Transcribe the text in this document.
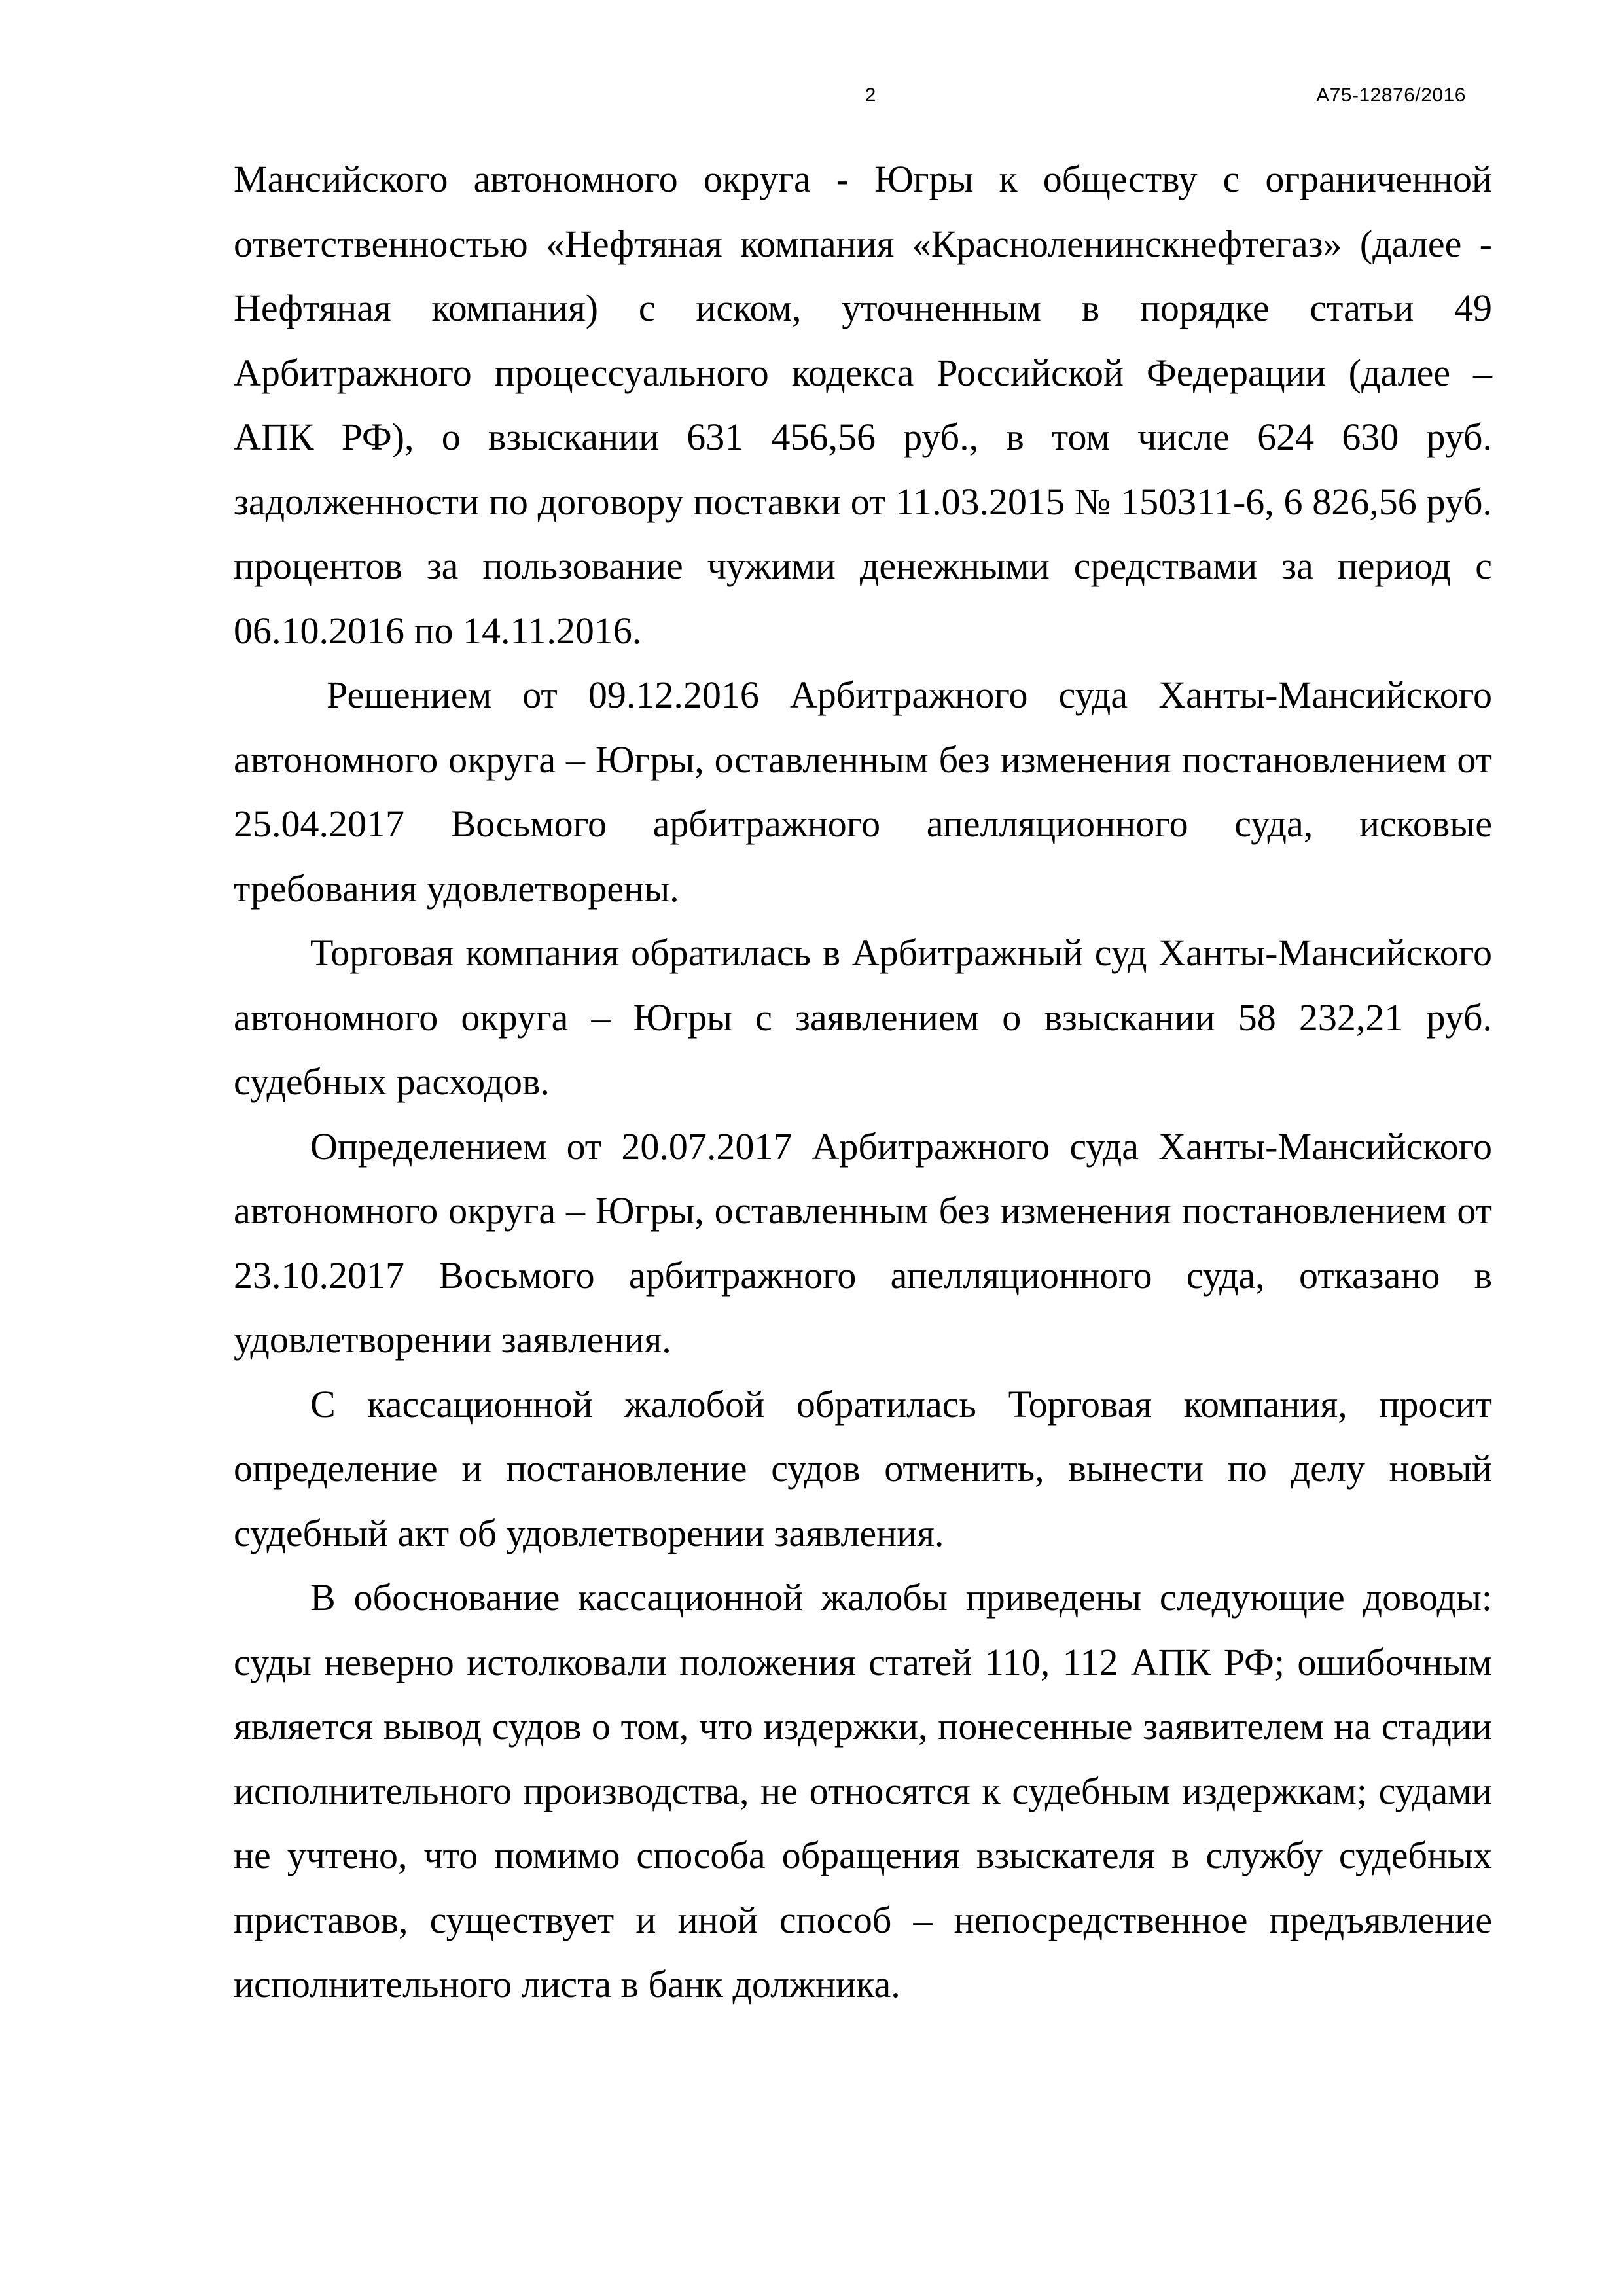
2	А75-12876/2016

Мансийского автономного округа - Югры к обществу с ограниченной ответственностью «Нефтяная компания «Красноленинскнефтегаз» (далее - Нефтяная компания) с иском, уточненным в порядке статьи 49 Арбитражного процессуального кодекса Российской Федерации (далее – АПК РФ), о взыскании 631 456,56 руб., в том числе 624 630 руб. задолженности по договору поставки от 11.03.2015 № 150311-6, 6 826,56 руб. процентов за пользование чужими денежными средствами за период с 06.10.2016 по 14.11.2016.

Решением от 09.12.2016 Арбитражного суда Ханты-Мансийского автономного округа – Югры, оставленным без изменения постановлением от 25.04.2017 Восьмого арбитражного апелляционного суда, исковые требования удовлетворены.

Торговая компания обратилась в Арбитражный суд Ханты-Мансийского автономного округа – Югры с заявлением о взыскании 58 232,21 руб. судебных расходов.

Определением от 20.07.2017 Арбитражного суда Ханты-Мансийского автономного округа – Югры, оставленным без изменения постановлением от 23.10.2017 Восьмого арбитражного апелляционного суда, отказано в удовлетворении заявления.

С кассационной жалобой обратилась Торговая компания, просит определение и постановление судов отменить, вынести по делу новый судебный акт об удовлетворении заявления.

В обоснование кассационной жалобы приведены следующие доводы: суды неверно истолковали положения статей 110, 112 АПК РФ; ошибочным является вывод судов о том, что издержки, понесенные заявителем на стадии исполнительного производства, не относятся к судебным издержкам; судами не учтено, что помимо способа обращения взыскателя в службу судебных приставов, существует и иной способ – непосредственное предъявление исполнительного листа в банк должника.
